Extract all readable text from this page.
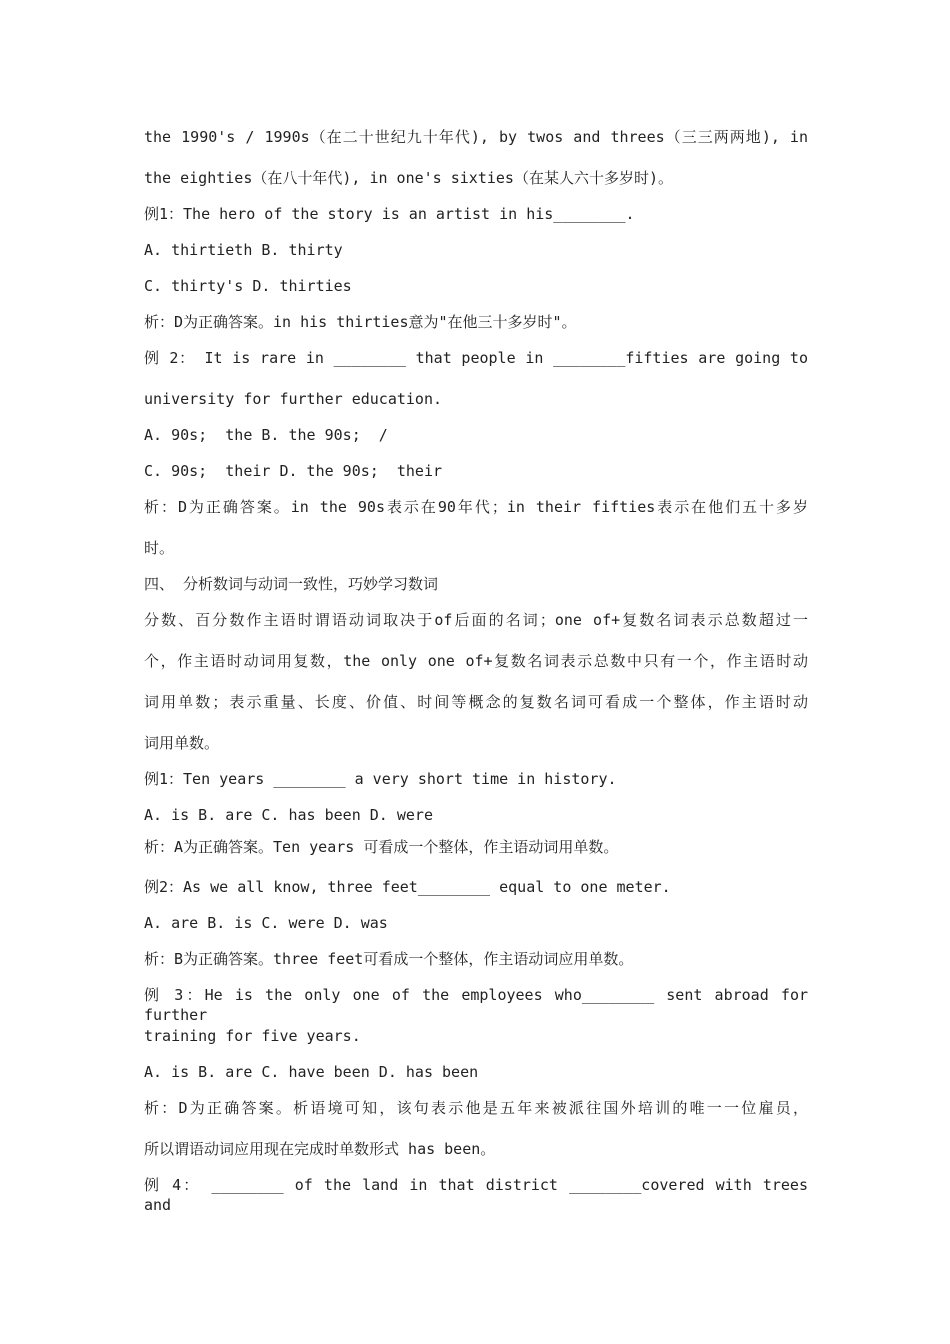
the 1990's / 1990s（在二十世纪九十年代), by twos and threes（三三两两地), in
the eighties（在八十年代), in one's sixties（在某人六十多岁时)。
例1：The hero of the story is an artist in his________.
A. thirtieth B. thirty
C. thirty's D. thirties
析：D为正确答案。in his thirties意为"在他三十多岁时"。
例 2： It is rare in ________ that people in ________fifties are going to
university for further education.
A. 90s;  the B. the 90s;  /
C. 90s;  their D. the 90s;  their
析：D为正确答案。in the 90s表示在90年代；in their fifties表示在他们五十多岁
时。
四、 分析数词与动词一致性，巧妙学习数词
分数、百分数作主语时谓语动词取决于of后面的名词；one of+复数名词表示总数超过一
个，作主语时动词用复数，the only one of+复数名词表示总数中只有一个，作主语时动
词用单数；表示重量、长度、价值、时间等概念的复数名词可看成一个整体，作主语时动
词用单数。
例1：Ten years ________ a very short time in history.
A. is B. are C. has been D. were
析：A为正确答案。Ten years 可看成一个整体，作主语动词用单数。
例2：As we all know, three feet________ equal to one meter.
A. are B. is C. were D. was
析：B为正确答案。three feet可看成一个整体，作主语动词应用单数。
例 3：He is the only one of the employees who________ sent abroad for further
training for five years.
A. is B. are C. have been D. has been
析：D为正确答案。析语境可知，该句表示他是五年来被派往国外培训的唯一一位雇员，
所以谓语动词应用现在完成时单数形式 has been。
例 4： ________ of the land in that district ________covered with trees and
